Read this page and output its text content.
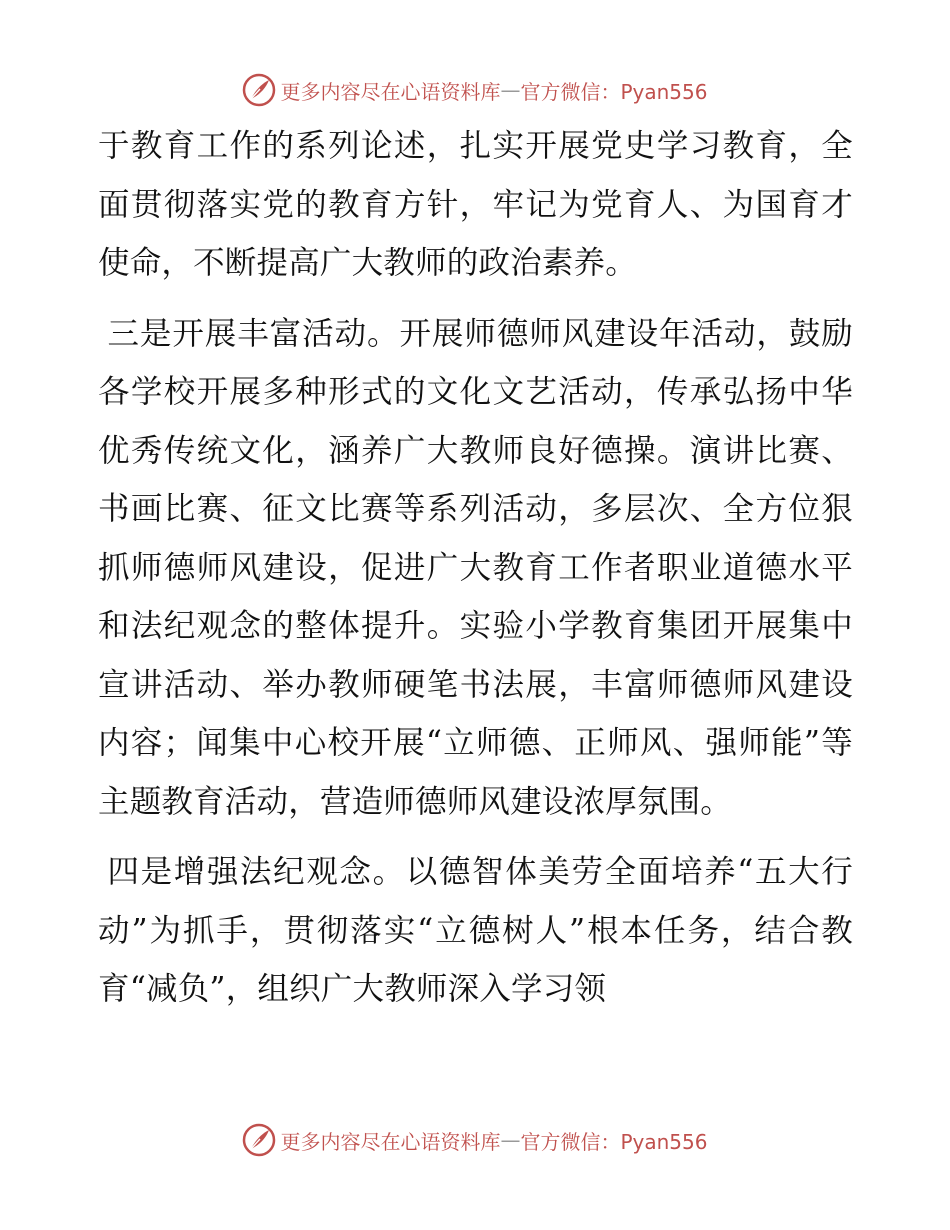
更多内容尽在心语资料库 — 官方微信：Pyan556

于教育工作的系列论述，扎实开展党史学习教育，全面贯彻落实党的教育方针，牢记为党育人、为国育才使命，不断提高广大教师的政治素养。

三是开展丰富活动。开展师德师风建设年活动，鼓励各学校开展多种形式的文化文艺活动，传承弘扬中华优秀传统文化，涵养广大教师良好德操。演讲比赛、书画比赛、征文比赛等系列活动，多层次、全方位狠抓师德师风建设，促进广大教育工作者职业道德水平和法纪观念的整体提升。实验小学教育集团开展集中宣讲活动、举办教师硬笔书法展，丰富师德师风建设内容；闻集中心校开展“立师德、正师风、强师能”等主题教育活动，营造师德师风建设浓厚氛围。

四是增强法纪观念。以德智体美劳全面培养“五大行动”为抓手，贯彻落实“立德树人”根本任务，结合教育“减负”，组织广大教师深入学习领

更多内容尽在心语资料库 — 官方微信：Pyan556
